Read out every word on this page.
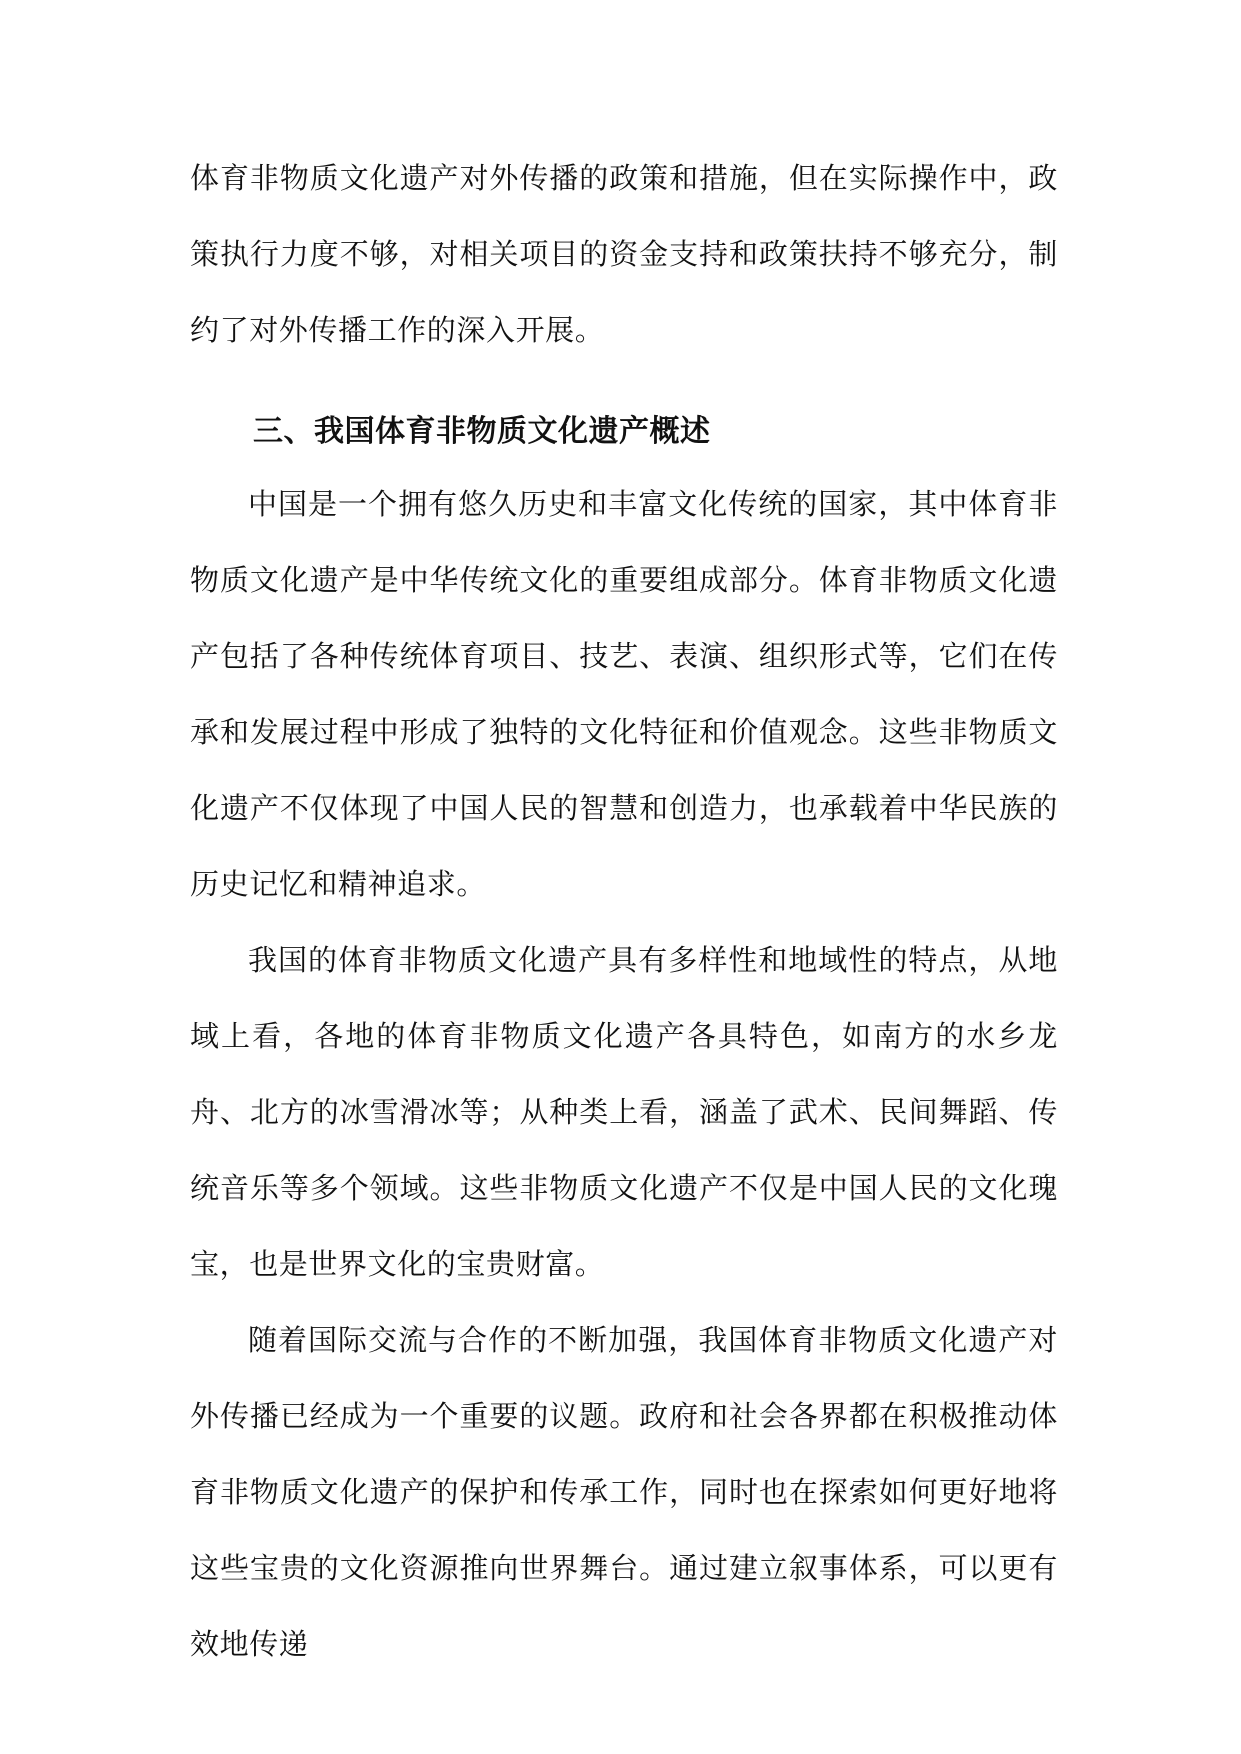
体育非物质文化遗产对外传播的政策和措施，但在实际操作中，政策执行力度不够，对相关项目的资金支持和政策扶持不够充分，制约了对外传播工作的深入开展。

三、我国体育非物质文化遗产概述

中国是一个拥有悠久历史和丰富文化传统的国家，其中体育非物质文化遗产是中华传统文化的重要组成部分。体育非物质文化遗产包括了各种传统体育项目、技艺、表演、组织形式等，它们在传承和发展过程中形成了独特的文化特征和价值观念。这些非物质文化遗产不仅体现了中国人民的智慧和创造力，也承载着中华民族的历史记忆和精神追求。

我国的体育非物质文化遗产具有多样性和地域性的特点，从地域上看，各地的体育非物质文化遗产各具特色，如南方的水乡龙舟、北方的冰雪滑冰等；从种类上看，涵盖了武术、民间舞蹈、传统音乐等多个领域。这些非物质文化遗产不仅是中国人民的文化瑰宝，也是世界文化的宝贵财富。

随着国际交流与合作的不断加强，我国体育非物质文化遗产对外传播已经成为一个重要的议题。政府和社会各界都在积极推动体育非物质文化遗产的保护和传承工作，同时也在探索如何更好地将这些宝贵的文化资源推向世界舞台。通过建立叙事体系，可以更有效地传递
